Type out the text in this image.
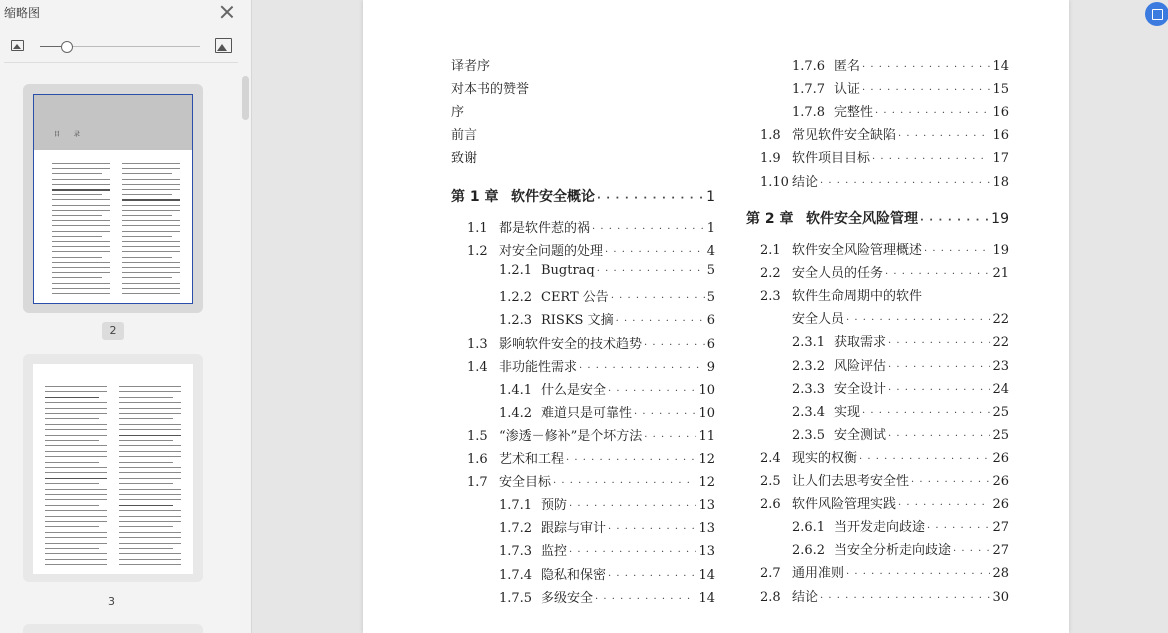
缩略图
目 录
2
3
译者序
对本书的赞誉
序
前言
致谢
第 1 章 软件安全概论 · · ·	1
1.1 都是软件惹的祸 · · ·	1
1.2 对安全问题的处理 · · ·	4
1.2.1 Bugtraq · · ·	5
1.2.2 CERT 公告 · · ·	5
1.2.3 RISKS 文摘 · · ·	6
1.3 影响软件安全的技术趋势 · · ·	6
1.4 非功能性需求 · · ·	9
1.4.1 什么是安全 · · ·	10
1.4.2 难道只是可靠性 · · ·	10
1.5 “渗透－修补”是个坏方法 · · ·	11
1.6 艺术和工程 · · ·	12
1.7 安全目标 · · ·	12
1.7.1 预防 · · ·	13
1.7.2 跟踪与审计 · · ·	13
1.7.3 监控 · · ·	13
1.7.4 隐私和保密 · · ·	14
1.7.5 多级安全 · · ·	14
1.7.6 匿名 · · ·	14
1.7.7 认证 · · ·	15
1.7.8 完整性 · · ·	16
1.8 常见软件安全缺陷 · · ·	16
1.9 软件项目目标 · · ·	17
1.10 结论 · · ·	18
第 2 章 软件安全风险管理 · · ·	19
2.1 软件安全风险管理概述 · · ·	19
2.2 安全人员的任务 · · ·	21
2.3 软件生命周期中的软件
安全人员 · · ·	22
2.3.1 获取需求 · · ·	22
2.3.2 风险评估 · · ·	23
2.3.3 安全设计 · · ·	24
2.3.4 实现 · · ·	25
2.3.5 安全测试 · · ·	25
2.4 现实的权衡 · · ·	26
2.5 让人们去思考安全性 · · ·	26
2.6 软件风险管理实践 · · ·	26
2.6.1 当开发走向歧途 · · ·	27
2.6.2 当安全分析走向歧途 · · ·	27
2.7 通用准则 · · ·	28
2.8 结论 · · ·	30
